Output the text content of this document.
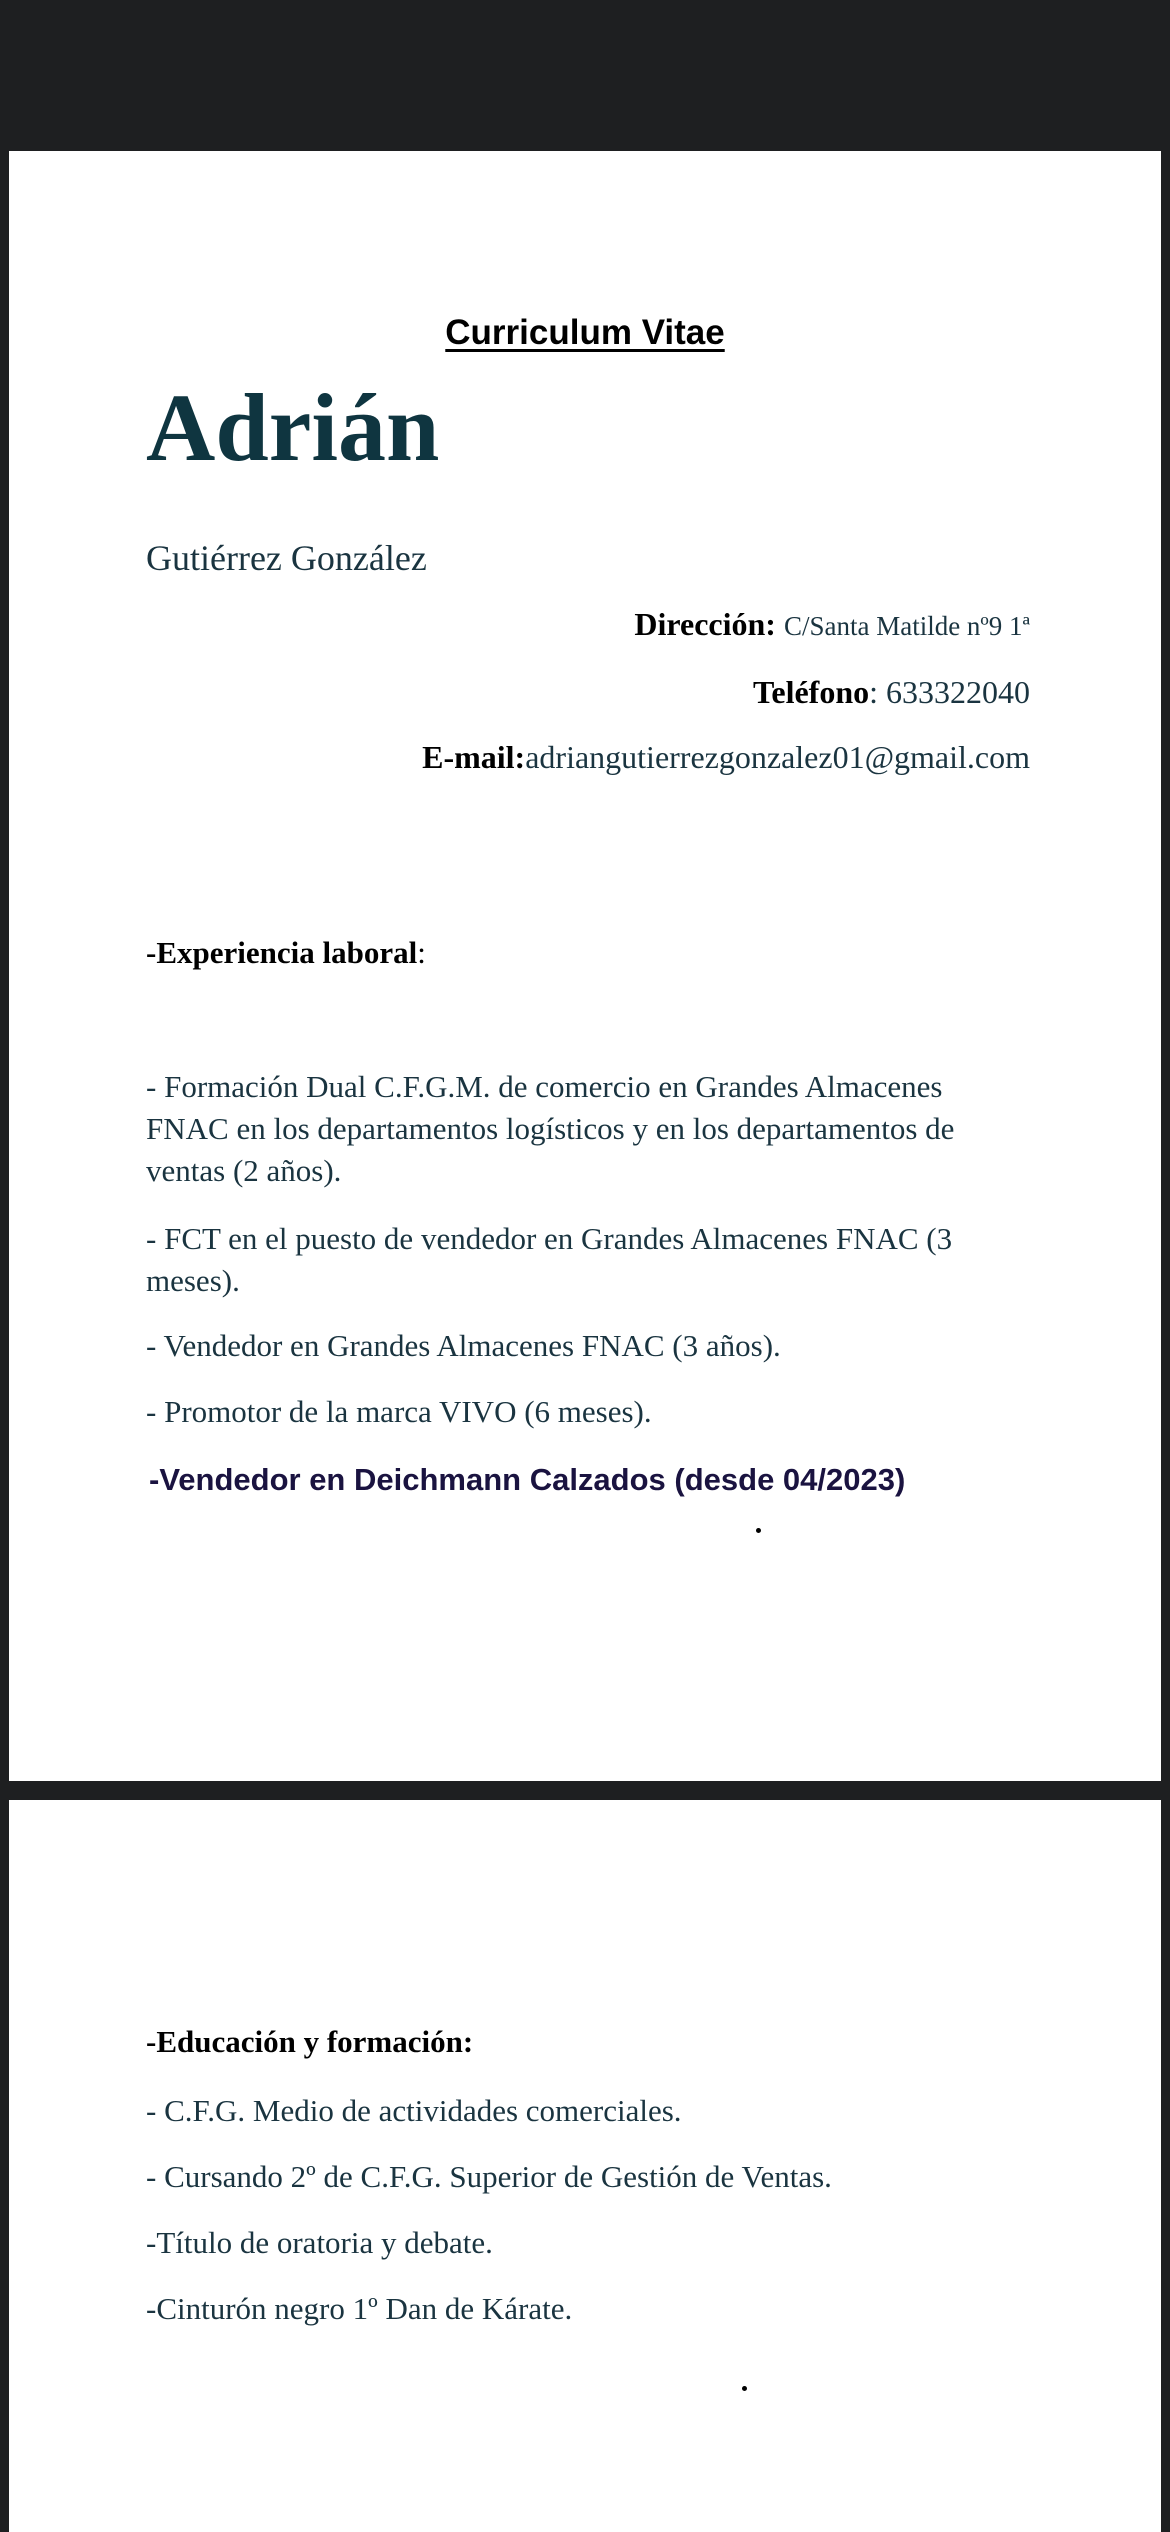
Curriculum Vitae
Adrián
Gutiérrez González
Dirección: C/Santa Matilde nº9 1ª
Teléfono: 633322040
E-mail:adriangutierrezgonzalez01@gmail.com
-Experiencia laboral:
- Formación Dual C.F.G.M. de comercio en Grandes Almacenes FNAC en los departamentos logísticos y en los departamentos de ventas (2 años).
- FCT en el puesto de vendedor en Grandes Almacenes FNAC (3 meses).
- Vendedor en Grandes Almacenes FNAC (3 años).
- Promotor de la marca VIVO (6 meses).
-Vendedor en Deichmann Calzados (desde 04/2023)
-Educación y formación:
- C.F.G. Medio de actividades comerciales.
- Cursando 2º de C.F.G. Superior de Gestión de Ventas.
-Título de oratoria y debate.
-Cinturón negro 1º Dan de Kárate.
